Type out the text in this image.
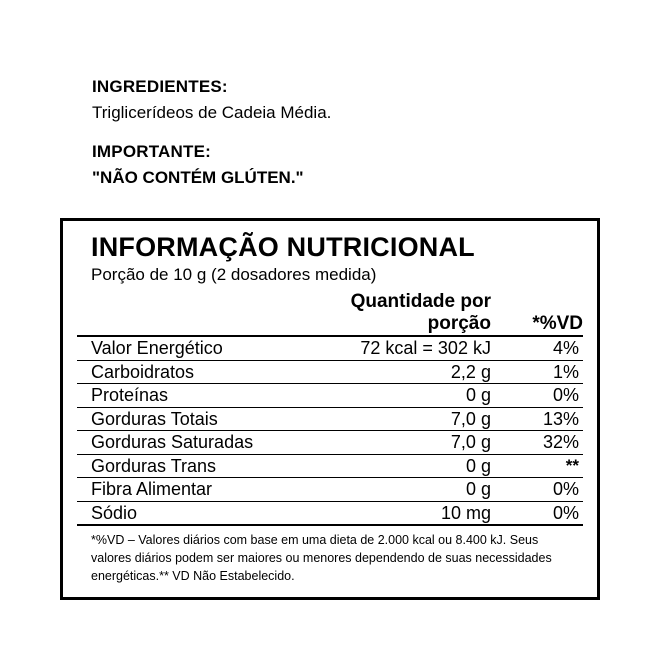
INGREDIENTES:

Triglicerídeos de Cadeia Média.

IMPORTANTE:

"NÃO CONTÉM GLÚTEN."

INFORMAÇÃO NUTRICIONAL
Porção de 10 g (2 dosadores medida)
	Quantidade por porção	*%VD

Valor Energético	72 kcal = 302 kJ	4%
Carboidratos	2,2 g	1%
Proteínas	0 g	0%
Gorduras Totais	7,0 g	13%
Gorduras Saturadas	7,0 g	32%
Gorduras Trans	0 g	**
Fibra Alimentar	0 g	0%
Sódio	10 mg	0%

*%VD – Valores diários com base em uma dieta de 2.000 kcal ou 8.400 kJ. Seus valores diários podem ser maiores ou menores dependendo de suas necessidades energéticas.** VD Não Estabelecido.
